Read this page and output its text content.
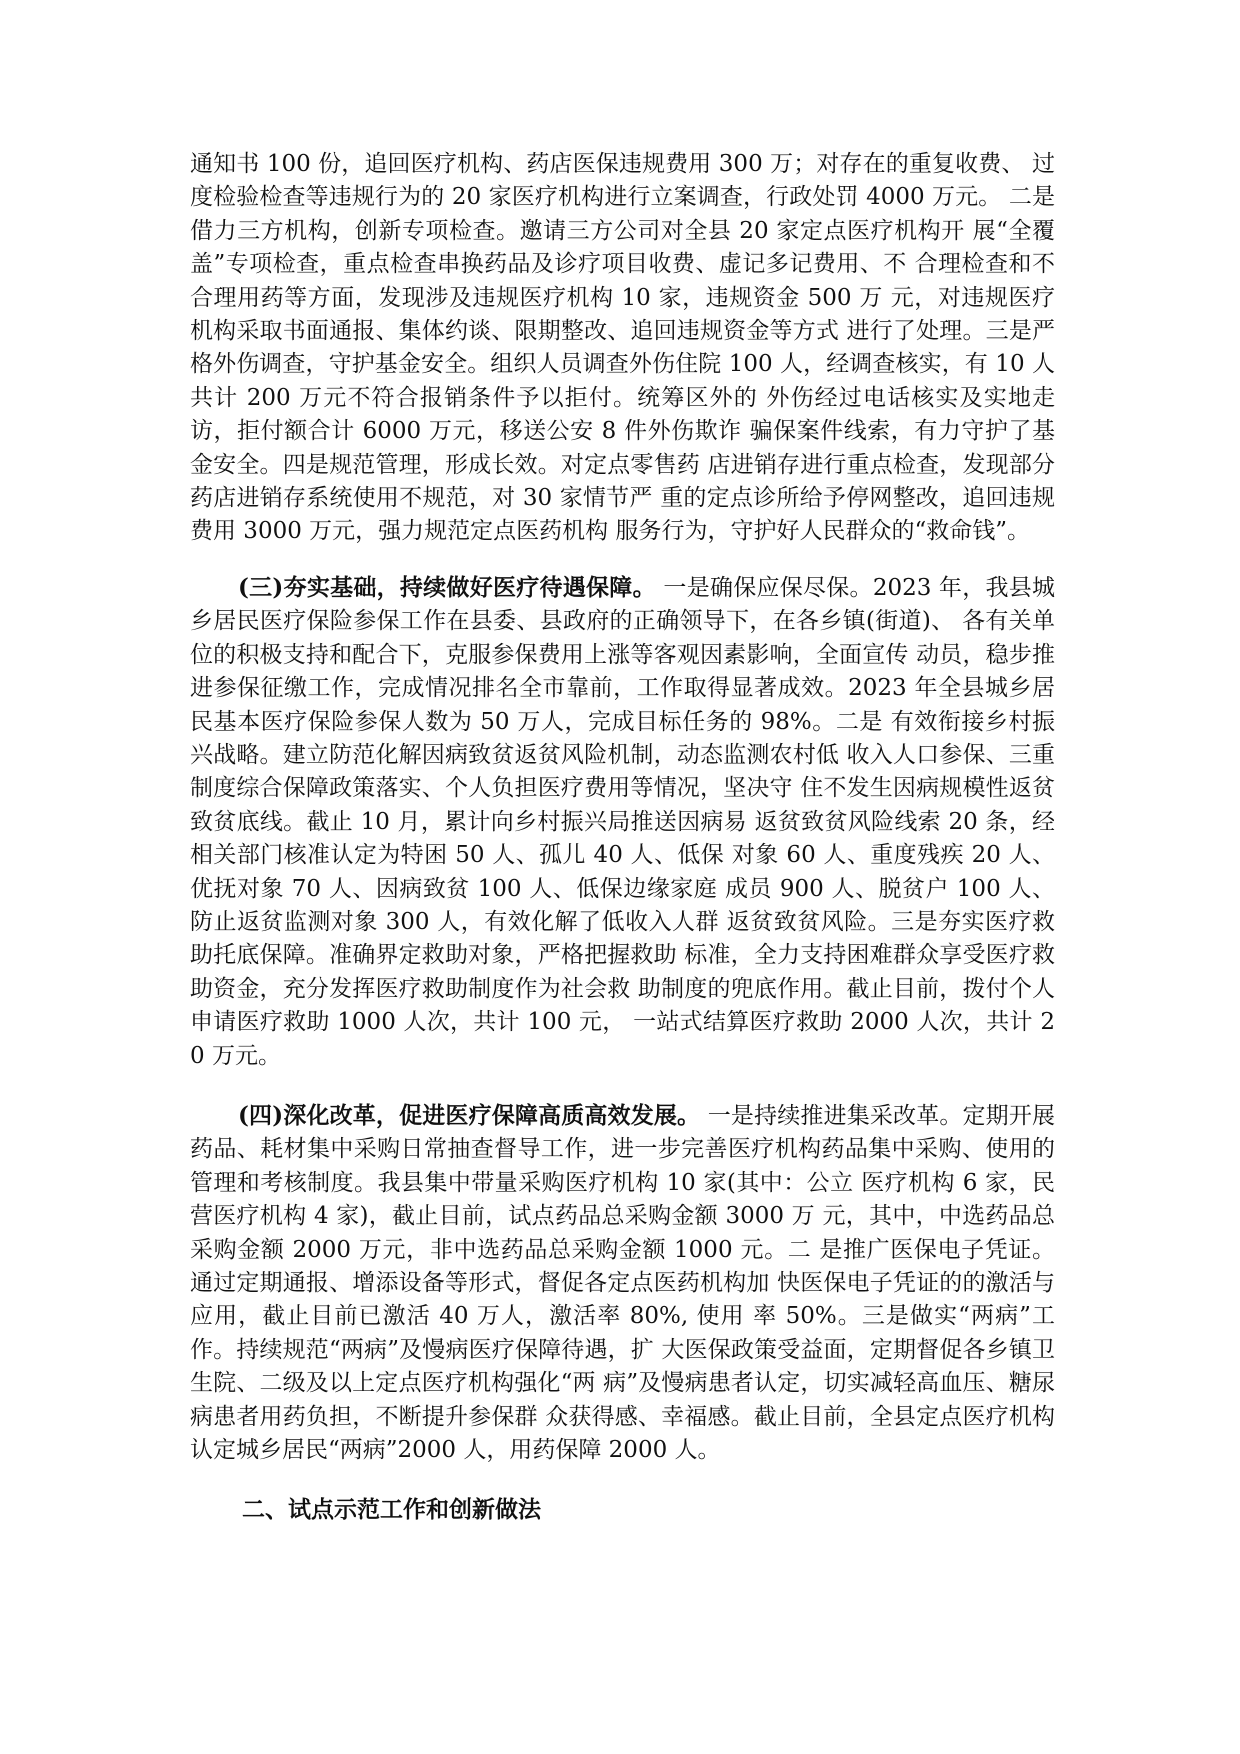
通知书 100 份，追回医疗机构、药店医保违规费用 300 万；对存在的重复收费、 过度检验检查等违规行为的 20 家医疗机构进行立案调查，行政处罚 4000 万元。 二是借力三方机构，创新专项检查。邀请三方公司对全县 20 家定点医疗机构开 展“全覆盖”专项检查，重点检查串换药品及诊疗项目收费、虚记多记费用、不 合理检查和不合理用药等方面，发现涉及违规医疗机构 10 家，违规资金 500 万 元，对违规医疗机构采取书面通报、集体约谈、限期整改、追回违规资金等方式 进行了处理。三是严格外伤调查，守护基金安全。组织人员调查外伤住院 100 人，经调查核实，有 10 人共计 200 万元不符合报销条件予以拒付。统筹区外的 外伤经过电话核实及实地走访，拒付额合计 6000 万元，移送公安 8 件外伤欺诈 骗保案件线索，有力守护了基金安全。四是规范管理，形成长效。对定点零售药 店进销存进行重点检查，发现部分药店进销存系统使用不规范，对 30 家情节严 重的定点诊所给予停网整改，追回违规费用 3000 万元，强力规范定点医药机构 服务行为，守护好人民群众的“救命钱”。

(三)夯实基础，持续做好医疗待遇保障。 一是确保应保尽保。2023 年，我县城乡居民医疗保险参保工作在县委、县政府的正确领导下，在各乡镇(街道)、 各有关单位的积极支持和配合下，克服参保费用上涨等客观因素影响，全面宣传 动员，稳步推进参保征缴工作，完成情况排名全市靠前，工作取得显著成效。2023 年全县城乡居民基本医疗保险参保人数为 50 万人，完成目标任务的 98%。二是 有效衔接乡村振兴战略。建立防范化解因病致贫返贫风险机制，动态监测农村低 收入人口参保、三重制度综合保障政策落实、个人负担医疗费用等情况，坚决守 住不发生因病规模性返贫致贫底线。截止 10 月，累计向乡村振兴局推送因病易 返贫致贫风险线索 20 条，经相关部门核准认定为特困 50 人、孤儿 40 人、低保 对象 60 人、重度残疾 20 人、优抚对象 70 人、因病致贫 100 人、低保边缘家庭 成员 900 人、脱贫户 100 人、防止返贫监测对象 300 人，有效化解了低收入人群 返贫致贫风险。三是夯实医疗救助托底保障。准确界定救助对象，严格把握救助 标准，全力支持困难群众享受医疗救助资金，充分发挥医疗救助制度作为社会救 助制度的兜底作用。截止目前，拨付个人申请医疗救助 1000 人次，共计 100 元， 一站式结算医疗救助 2000 人次，共计 20 万元。

(四)深化改革，促进医疗保障高质高效发展。 一是持续推进集采改革。定期开展药品、耗材集中采购日常抽查督导工作，进一步完善医疗机构药品集中采购、使用的管理和考核制度。我县集中带量采购医疗机构 10 家(其中：公立 医疗机构 6 家，民营医疗机构 4 家)，截止目前，试点药品总采购金额 3000 万 元，其中，中选药品总采购金额 2000 万元，非中选药品总采购金额 1000 元。二 是推广医保电子凭证。通过定期通报、增添设备等形式，督促各定点医药机构加 快医保电子凭证的的激活与应用，截止目前已激活 40 万人，激活率 80%, 使用 率 50%。三是做实“两病”工作。持续规范“两病”及慢病医疗保障待遇，扩 大医保政策受益面，定期督促各乡镇卫生院、二级及以上定点医疗机构强化“两 病”及慢病患者认定，切实减轻高血压、糖尿病患者用药负担，不断提升参保群 众获得感、幸福感。截止目前，全县定点医疗机构认定城乡居民“两病”2000 人，用药保障 2000 人。

二、试点示范工作和创新做法
